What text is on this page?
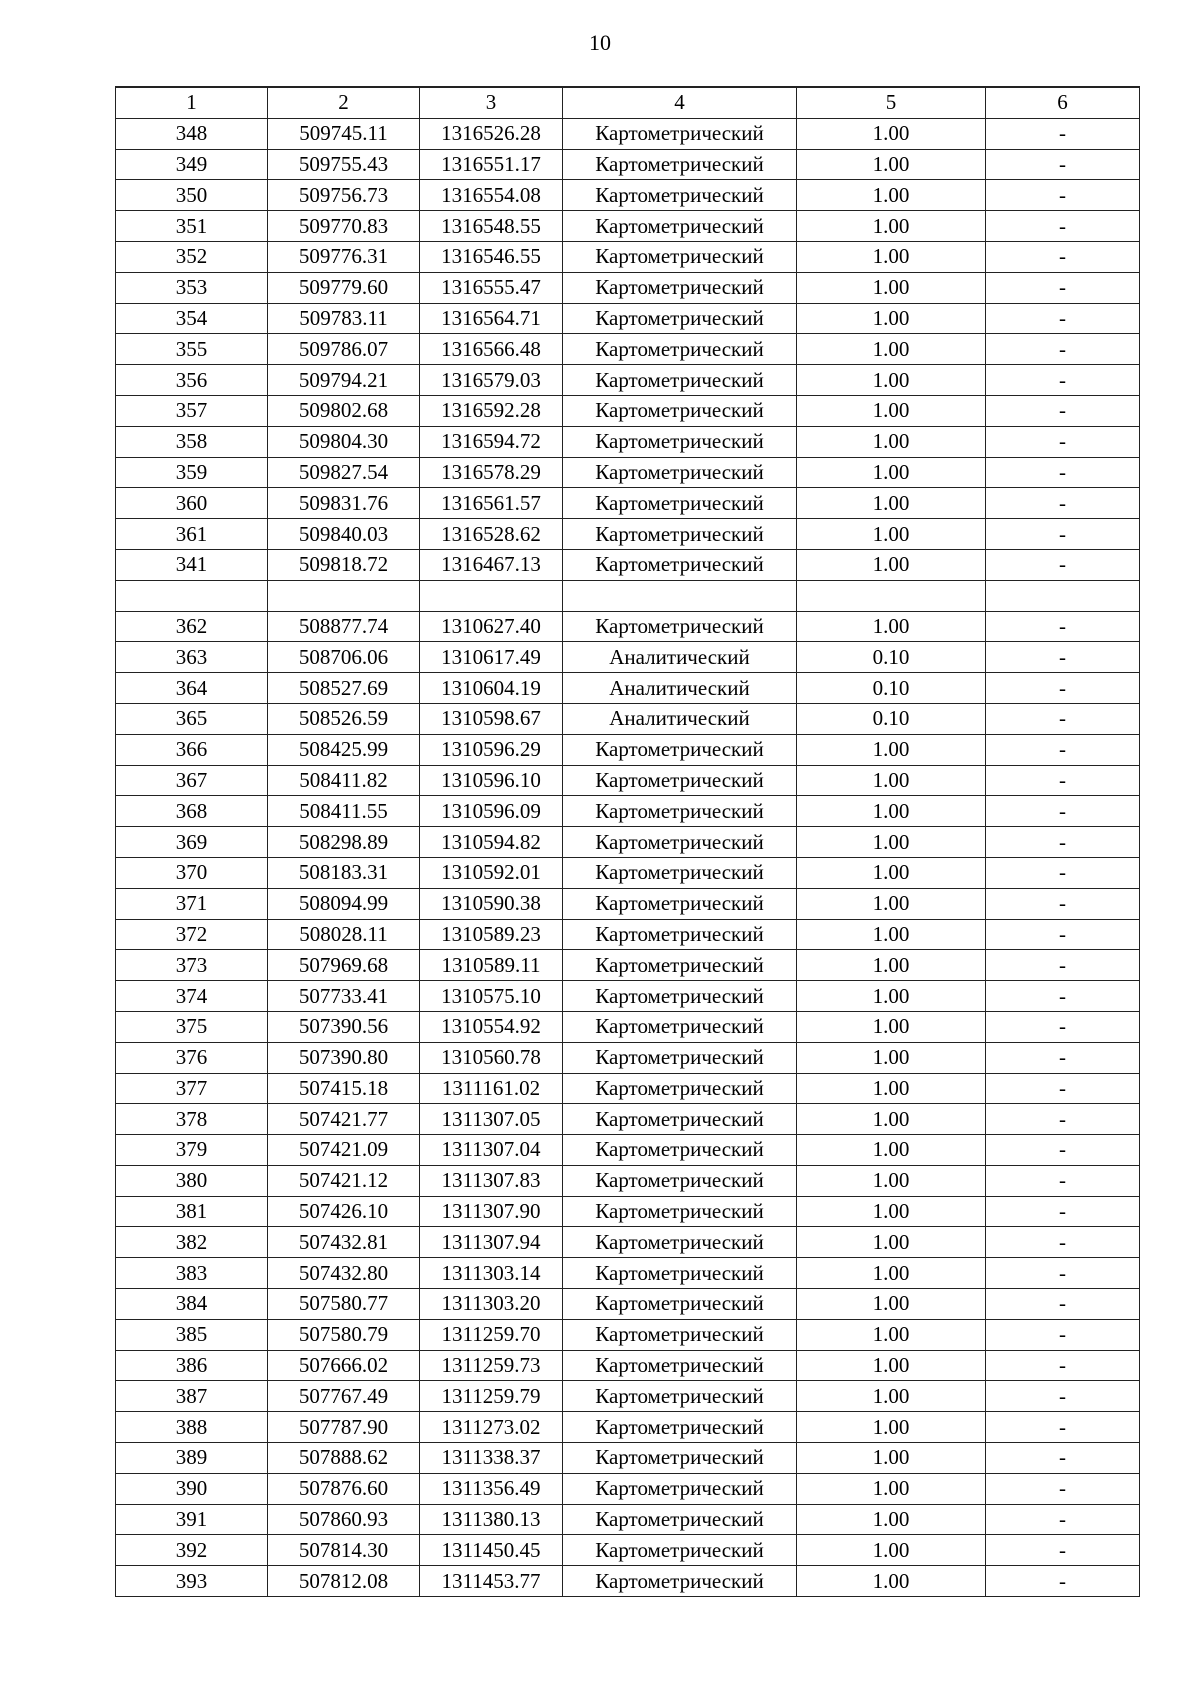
10
1	2	3	4	5	6
348	509745.11	1316526.28	Картометрический	1.00	-
349	509755.43	1316551.17	Картометрический	1.00	-
350	509756.73	1316554.08	Картометрический	1.00	-
351	509770.83	1316548.55	Картометрический	1.00	-
352	509776.31	1316546.55	Картометрический	1.00	-
353	509779.60	1316555.47	Картометрический	1.00	-
354	509783.11	1316564.71	Картометрический	1.00	-
355	509786.07	1316566.48	Картометрический	1.00	-
356	509794.21	1316579.03	Картометрический	1.00	-
357	509802.68	1316592.28	Картометрический	1.00	-
358	509804.30	1316594.72	Картометрический	1.00	-
359	509827.54	1316578.29	Картометрический	1.00	-
360	509831.76	1316561.57	Картометрический	1.00	-
361	509840.03	1316528.62	Картометрический	1.00	-
341	509818.72	1316467.13	Картометрический	1.00	-

362	508877.74	1310627.40	Картометрический	1.00	-
363	508706.06	1310617.49	Аналитический	0.10	-
364	508527.69	1310604.19	Аналитический	0.10	-
365	508526.59	1310598.67	Аналитический	0.10	-
366	508425.99	1310596.29	Картометрический	1.00	-
367	508411.82	1310596.10	Картометрический	1.00	-
368	508411.55	1310596.09	Картометрический	1.00	-
369	508298.89	1310594.82	Картометрический	1.00	-
370	508183.31	1310592.01	Картометрический	1.00	-
371	508094.99	1310590.38	Картометрический	1.00	-
372	508028.11	1310589.23	Картометрический	1.00	-
373	507969.68	1310589.11	Картометрический	1.00	-
374	507733.41	1310575.10	Картометрический	1.00	-
375	507390.56	1310554.92	Картометрический	1.00	-
376	507390.80	1310560.78	Картометрический	1.00	-
377	507415.18	1311161.02	Картометрический	1.00	-
378	507421.77	1311307.05	Картометрический	1.00	-
379	507421.09	1311307.04	Картометрический	1.00	-
380	507421.12	1311307.83	Картометрический	1.00	-
381	507426.10	1311307.90	Картометрический	1.00	-
382	507432.81	1311307.94	Картометрический	1.00	-
383	507432.80	1311303.14	Картометрический	1.00	-
384	507580.77	1311303.20	Картометрический	1.00	-
385	507580.79	1311259.70	Картометрический	1.00	-
386	507666.02	1311259.73	Картометрический	1.00	-
387	507767.49	1311259.79	Картометрический	1.00	-
388	507787.90	1311273.02	Картометрический	1.00	-
389	507888.62	1311338.37	Картометрический	1.00	-
390	507876.60	1311356.49	Картометрический	1.00	-
391	507860.93	1311380.13	Картометрический	1.00	-
392	507814.30	1311450.45	Картометрический	1.00	-
393	507812.08	1311453.77	Картометрический	1.00	-
